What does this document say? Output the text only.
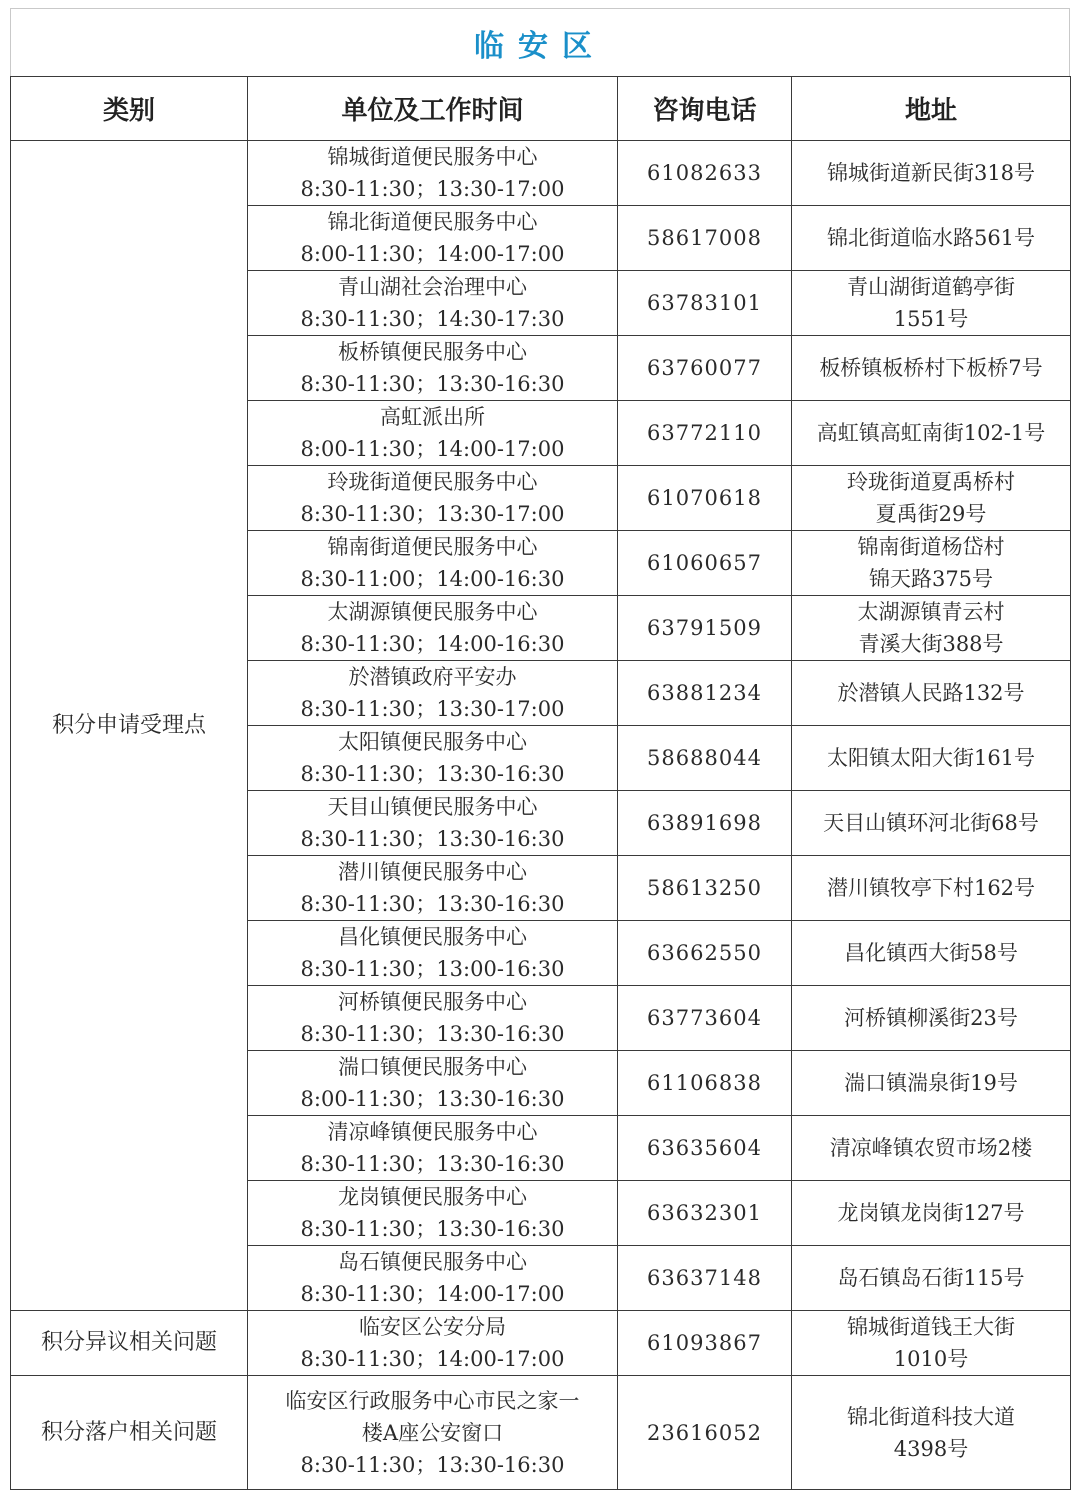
临安区
类别	单位及工作时间	咨询电话	地址
积分申请受理点	锦城街道便民服务中心
8:30-11:30；13:30-17:00	61082633	锦城街道新民街318号

	锦北街道便民服务中心
8:00-11:30；14:00-17:00	58617008	锦北街道临水路561号

	青山湖社会治理中心
8:30-11:30；14:30-17:30	63783101	青山湖街道鹤亭街
1551号

	板桥镇便民服务中心
8:30-11:30；13:30-16:30	63760077	板桥镇板桥村下板桥7号

	高虹派出所
8:00-11:30；14:00-17:00	63772110	高虹镇高虹南街102-1号

	玲珑街道便民服务中心
8:30-11:30；13:30-17:00	61070618	玲珑街道夏禹桥村
夏禹街29号

	锦南街道便民服务中心
8:30-11:00；14:00-16:30	61060657	锦南街道杨岱村
锦天路375号

	太湖源镇便民服务中心
8:30-11:30；14:00-16:30	63791509	太湖源镇青云村
青溪大街388号

	於潜镇政府平安办
8:30-11:30；13:30-17:00	63881234	於潜镇人民路132号

	太阳镇便民服务中心
8:30-11:30；13:30-16:30	58688044	太阳镇太阳大街161号

	天目山镇便民服务中心
8:30-11:30；13:30-16:30	63891698	天目山镇环河北街68号

	潜川镇便民服务中心
8:30-11:30；13:30-16:30	58613250	潜川镇牧亭下村162号

	昌化镇便民服务中心
8:30-11:30；13:00-16:30	63662550	昌化镇西大街58号

	河桥镇便民服务中心
8:30-11:30；13:30-16:30	63773604	河桥镇柳溪街23号

	湍口镇便民服务中心
8:00-11:30；13:30-16:30	61106838	湍口镇湍泉街19号

	清凉峰镇便民服务中心
8:30-11:30；13:30-16:30	63635604	清凉峰镇农贸市场2楼

	龙岗镇便民服务中心
8:30-11:30；13:30-16:30	63632301	龙岗镇龙岗街127号

	岛石镇便民服务中心
8:30-11:30；14:00-17:00	63637148	岛石镇岛石街115号

积分异议相关问题	临安区公安分局
8:30-11:30；14:00-17:00	61093867	锦城街道钱王大街
1010号

积分落户相关问题	临安区行政服务中心市民之家一
楼A座公安窗口
8:30-11:30；13:30-16:30	23616052	锦北街道科技大道
4398号
